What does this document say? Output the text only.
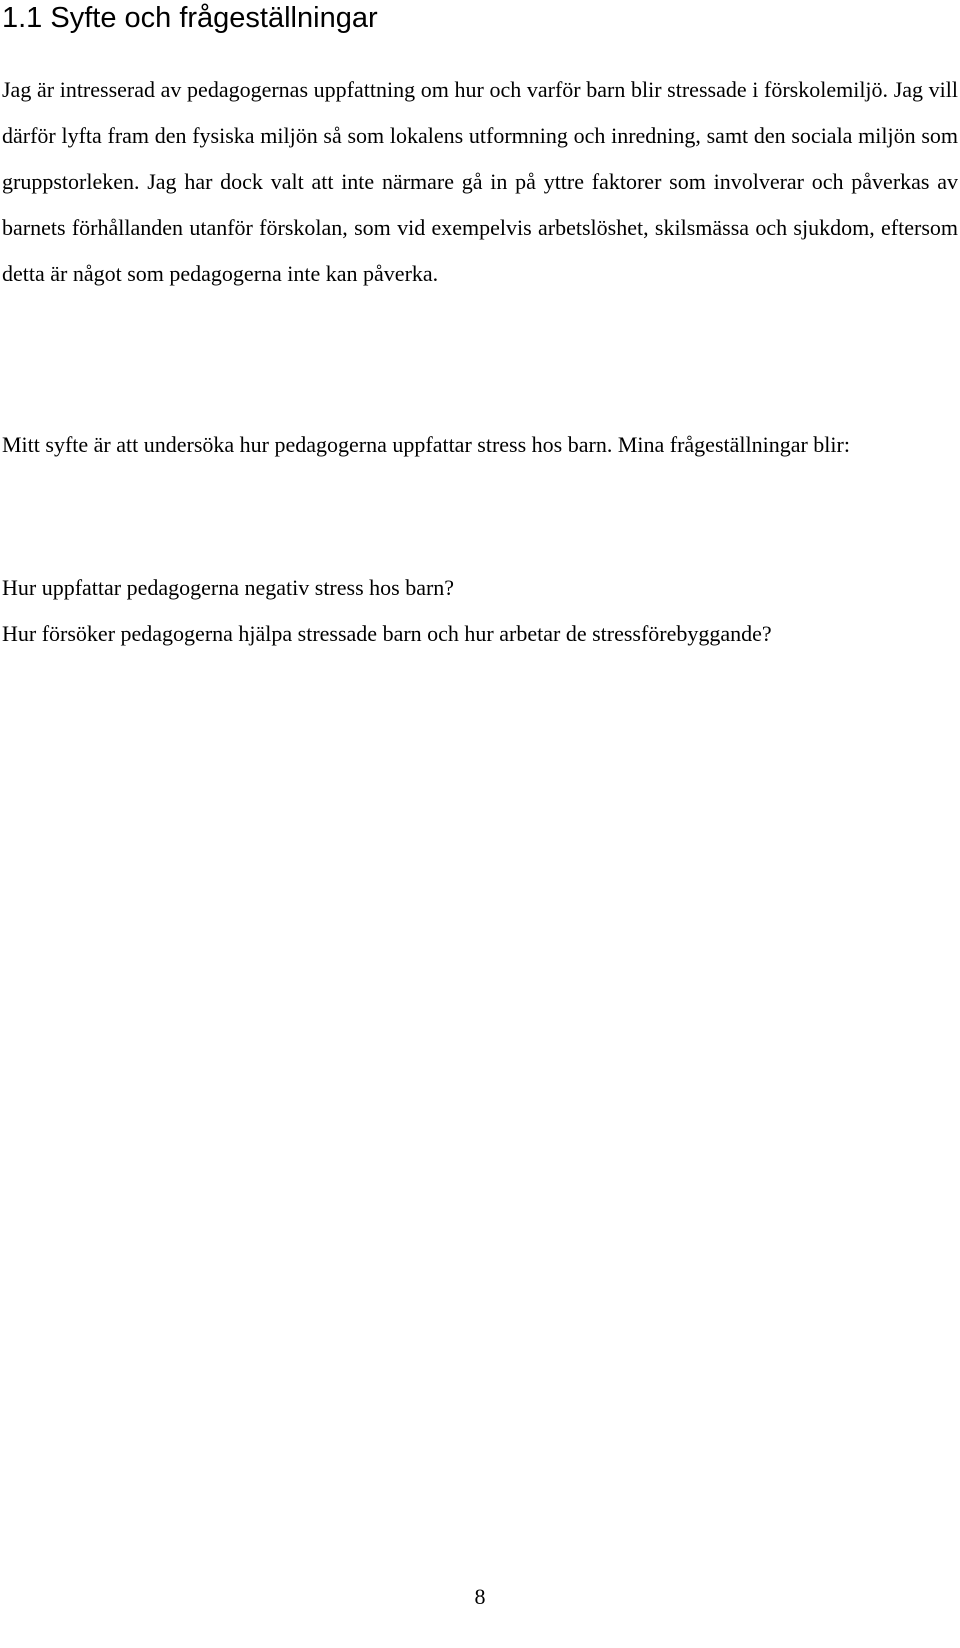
1.1 Syfte och frågeställningar

Jag är intresserad av pedagogernas uppfattning om hur och varför barn blir stressade i förskolemiljö. Jag vill därför lyfta fram den fysiska miljön så som lokalens utformning och inredning, samt den sociala miljön som gruppstorleken. Jag har dock valt att inte närmare gå in på yttre faktorer som involverar och påverkas av barnets förhållanden utanför förskolan, som vid exempelvis arbetslöshet, skilsmässa och sjukdom, eftersom detta är något som pedagogerna inte kan påverka.

Mitt syfte är att undersöka hur pedagogerna uppfattar stress hos barn. Mina frågeställningar blir:

Hur uppfattar pedagogerna negativ stress hos barn?

Hur försöker pedagogerna hjälpa stressade barn och hur arbetar de stressförebyggande?

8
